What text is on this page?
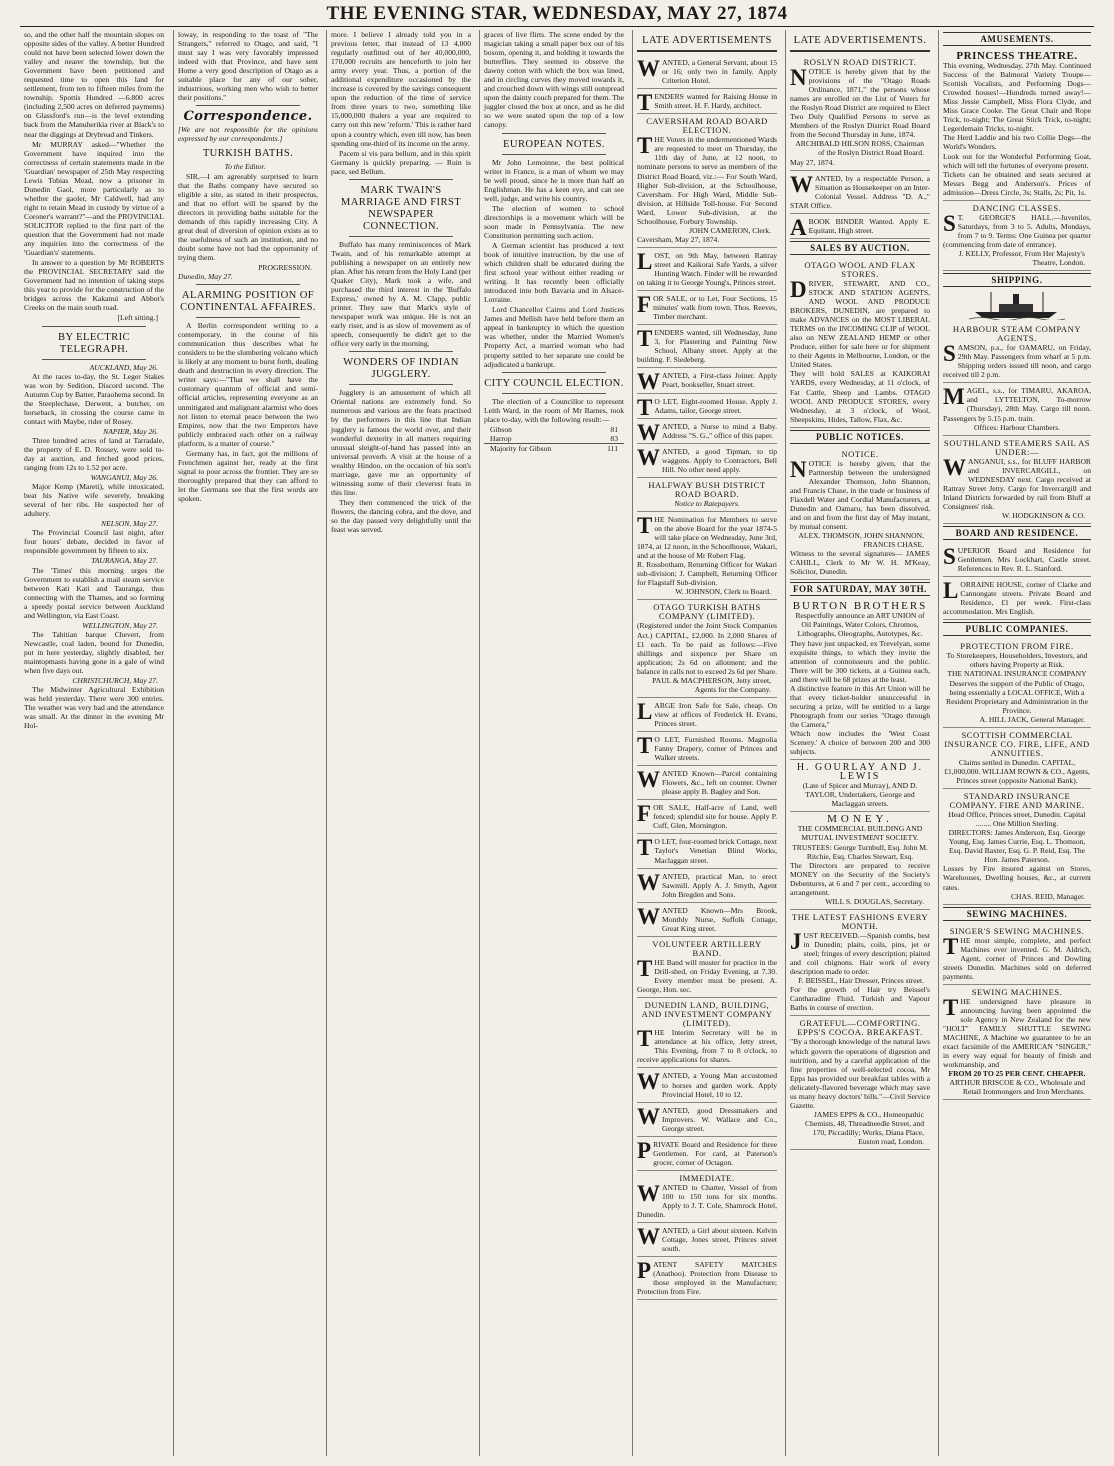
THE EVENING STAR, WEDNESDAY, MAY 27, 1874

so, and the other half the mountain slopes on opposite sides of the valley. A better Hundred could not have been selected lower down the valley and nearer the township, but the Government have been petitioned and requested time to open this land for settlement, from ten to fifteen miles from the township. Spottis Hundred —6.800 acres (including 2,500 acres on deferred payments) on Glassford's run—is the level extending back from the Manuherikia river at Black's to near the diggings at Drybread and Tinkers.

Mr MURRAY asked—"Whether the Government have inquired into the correctness of certain statements made in the 'Guardian' newspaper of 25th May respecting Lewis Tobias Mead, now a prisoner in Dunedin Gaol, more particularly as to whether the gaoler, Mr Caldwell, had any right to retain Mead in custody by virtue of a Coroner's warrant?"—and the PROVINCIAL SOLICITOR replied to the first part of the question that the Government had not made any inquiries into the correctness of the 'Guardian's' statements.

In answer to a question by Mr ROBERTS the PROVINCIAL SECRETARY said the Government had no intention of taking steps this year to provide for the construction of the bridges across the Kakanui and Abbot's Creeks on the main south road.

[Left sitting.]
BY ELECTRIC TELEGRAPH.
AUCKLAND, May 26.

At the races to-day, the St. Leger Stakes was won by Sedition, Discord second. The Autumn Cup by Batter, Paraohema second. In the Steeplechase, Derwent, a butcher, on horseback, in crossing the course came in contact with Maybe, rider of Rosey.

NAPIER, May 26.

Three hundred acres of land at Tarradale, the property of E. D. Rossey, were sold to-day at auction, and fetched good prices, ranging from 12s to 1.52 per acre.

WANGANUI, May 26.

Major Kemp (Mareti), while intoxicated, beat his Native wife severely, breaking several of her ribs. He suspected her of adultery.

NELSON, May 27.

The Provincial Council last night, after four hours' debate, decided in favor of responsible government by fifteen to six.

TAURANGA, May 27.

The 'Times' this morning urges the Government to establish a mail steam service between Kati Kati and Tauranga, thus connecting with the Thames, and so forming a speedy postal service between Auckland and Wellington, via East Coast.

WELLINGTON, May 27.

The Tahitian barque Chevert, from Newcastle, coal laden, bound for Dunedin, put in here yesterday, slightly disabled, her maintopmasts having gone in a gale of wind when five days out.

CHRISTCHURCH, May 27.

The Midwinter Agricultural Exhibition was held yesterday. There were 300 entries. The weather was very bad and the attendance was small. At the dinner in the evening Mr Hol-

loway, in responding to the toast of "The Strangers," referred to Otago, and said, "I must say I was very favorably impressed indeed with that Province, and have sent Home a very good description of Otago as a suitable place for any of our sober, industrious, working men who wish to better their positions."

Correspondence.

[We are not responsible for the opinions expressed by our correspondents.]

TURKISH BATHS.
To the Editor.

SIR,—I am agreeably surprised to learn that the Baths company have secured so eligible a site, as stated in their prospectus, and that no effort will be spared by the directors in providing baths suitable for the demands of this rapidly increasing City. A great deal of diversion of opinion exists as to the usefulness of such an institution, and no doubt some have not had the opportunity of trying them.

PROGRESSION.
Dunedin, May 27.
ALARMING POSITION OF CONTINENTAL AFFAIRES.

A Berlin correspondent writing to a contemporary, in the course of his communication thus describes what he considers to be the slumbering volcano which is likely at any moment to burst forth, dealing death and destruction in every direction. The writer says:—"That we shall have the customary quantum of official and semi-official articles, representing everyone as an unmitigated and malignant alarmist who does not listen to eternal peace between the two Empires, now that the two Emperors have publicly embraced each other on a railway platform, is a matter of course."

Germany has, in fact, got the millions of Frenchmen against her, ready at the first signal to pour across the frontier. They are so thoroughly prepared that they can afford to let the Germans see that the first words are spoken.

more. I believe I already told you in a previous letter, that instead of 13 4,000 regularly outfitted out of her 40,000,000, 170,000 recruits are henceforth to join her army every year. Thus, a portion of the additional expenditure occasioned by the increase is covered by the savings consequent upon the reduction of the time of service from three years to two, something like 15,000,000 thalers a year are required to carry out this new 'reform.' This is rather hard upon a country which, even till now, has been spending one-third of its income on the army.

Pacem si vis para bellum, and in this spirit Germany is quickly preparing. — Ruin is pace, sed Bellum.

MARK TWAIN'S MARRIAGE AND FIRST NEWSPAPER CONNECTION.

Buffalo has many reminiscences of Mark Twain, and of his remarkable attempt at publishing a newspaper on an entirely new plan. After his return from the Holy Land (per Quaker City), Mark took a wife, and purchased the third interest in the 'Buffalo Express,' owned by A. M. Clapp, public printer. They saw that Mark's style of newspaper work was unique. He is not an early riser, and is as slow of movement as of speech, consequently he didn't get to the office very early in the morning.

WONDERS OF INDIAN JUGGLERY.

Jugglery is an amusement of which all Oriental nations are extremely fond. So numerous and various are the feats practised by the performers in this line that Indian jugglery is famous the world over, and their wonderful dexterity in all matters requiring unusual sleight-of-hand has passed into an universal proverb. A visit at the house of a wealthy Hindoo, on the occasion of his son's marriage, gave me an opportunity of witnessing some of their cleverest feats in this line.

They then commenced the trick of the flowers, the dancing cobra, and the dove, and so the day passed very delightfully until the feast was served.

graces of live flirts. The scene ended by the magician taking a small paper box out of his bosom, opening it, and holding it towards the butterflies. They seemed to observe the dawny cotton with which the box was lined, and in circling curves they moved towards it, and crouched down with wings still outspread upon the dainty couch prepared for them. The juggler closed the box at once, and as he did so we were seated upon the top of a low canopy.

EUROPEAN NOTES.

Mr John Lemoinne, the best political writer in France, is a man of whom we may be well proud, since he is more than half an Englishman. He has a keen eye, and can see well, judge, and write his country.

The election of women to school directorships is a movement which will be soon made in Pennsylvania. The new Constitution permitting such action.

A German scientist has produced a text book of intuitive instruction, by the use of which children shall be educated during the first school year without either reading or writing. It has recently been officially introduced into both Bavaria and in Alsace-Lorraine.

Lord Chancellor Cairns and Lord Justices James and Mellish have held before them an appeal in bankruptcy in which the question was whether, under the Married Women's Property Act, a married woman who had property settled to her separate use could be adjudicated a bankrupt.

CITY COUNCIL ELECTION.

The election of a Councillor to represent Leith Ward, in the room of Mr Barnes, took place to-day, with the following result:—

Gibson	81
Harrop	83
Majority for Gibson	111
LATE ADVERTISEMENTS
WANTED, a General Servant, about 15 or 16; only two in family. Apply Criterion Hotel.
TENDERS wanted for Raising House in Smith street. H. F. Hardy, architect.
CAVERSHAM ROAD BOARD ELECTION.
T HE Voters in the undermentioned Wards are requested to meet on Thursday, the 11th day of June, at 12 noon, to nominate persons to serve as members of the District Road Board, viz.:— For South Ward, Higher Sub-division, at the Schoolhouse, Caversham. For High Ward, Middle Sub-division, at Hillside Toll-house. For Second Ward, Lower Sub-division, at the Schoolhouse, Forbury Township.
JOHN CAMERON, Clerk.
Caversham, May 27, 1874.
LOST, on 9th May, between Rattray street and Kaikorai Safe Yards, a silver Hunting Watch. Finder will be rewarded on taking it to George Young's, Princes street.
FOR SALE, or to Let, Four Sections, 15 minutes' walk from town. Thos. Reeves, Timber merchant.
TENDERS wanted, till Wednesday, June 3, for Plastering and Painting New School, Albany street. Apply at the building. F. Siedeberg.
WANTED, a First-class Joiner. Apply Peart, bookseller, Stuart street.
T O LET, Eight-roomed House. Apply J. Adams, tailor, George street.
WANTED, a Nurse to mind a Baby. Address "S. G.," office of this paper.
WANTED, a good Tipman, to tip waggons. Apply to Contractors, Bell Hill. No other need apply.
HALFWAY BUSH DISTRICT ROAD BOARD.
Notice to Ratepayers.
THE Nomination for Members to serve on the above Board for the year 1874-5 will take place on Wednesday, June 3rd, 1874, at 12 noon, in the Schoolhouse, Wakari, and at the house of Mr Robert Flag.
R. Rossbotham, Returning Officer for Wakari sub-division; J. Campbell, Returning Officer for Flagstaff Sub-division.
W. JOHNSON, Clerk to Board.
OTAGO TURKISH BATHS COMPANY (LIMITED).
(Registered under the Joint Stock Companies Act.) CAPITAL, £2,000. In 2,000 Shares of £1 each. To be paid as follows:—Five shillings and sixpence per Share on application; 2s 6d on allotment; and the balance in calls not to exceed 2s 6d per Share.
PAUL & MACPHERSON, Jetty street, Agents for the Company.
LARGE Iron Safe for Sale, cheap. On view at offices of Frederick H. Evans, Princes street.
T O LET, Furnished Rooms. Magnolia Fanny Drapery, corner of Princes and Walker streets.
WANTED Known—Parcel containing Flowers, &c., left on counter. Owner please apply B. Bagley and Son.
FOR SALE, Half-acre of Land, well fenced; splendid site for house. Apply P. Cuff, Glen, Mornington.
T O LET, four-roomed brick Cottage, next Taylor's Venetian Blind Works, Maclaggan street.
WANTED, practical Man, to erect Sawmill. Apply A. J. Smyth, Agent John Bregden and Sons.
WANTED Known—Mrs Brook, Monthly Nurse, Suffolk Cottage, Great King street.
VOLUNTEER ARTILLERY BAND.
T HE Band will muster for practice in the Drill-shed, on Friday Evening, at 7.30. Every member must be present. A. George, Hon. sec.
DUNEDIN LAND, BUILDING, AND INVESTMENT COMPANY (LIMITED).
T HE Interim Secretary will be in attendance at his office, Jetty street, This Evening, from 7 to 8 o'clock, to receive applications for shares.
WANTED, a Young Man accustomed to horses and garden work. Apply Provincial Hotel, 10 to 12.
WANTED, good Dressmakers and Improvers. W. Wallace and Co., George street.
PRIVATE Board and Residence for three Gentlemen. For card, at Paterson's grocer, corner of Octagon.
IMMEDIATE.
W ANTED to Charter, Vessel of from 100 to 150 tons for six months. Apply to J. T. Cole, Shamrock Hotel, Dunedin.
WANTED, a Girl about sixteen. Kelvin Cottage, Jones street, Princes street south.
PATENT SAFETY MATCHES (Anathoo). Protection from Disease to those employed in the Manufacture; Protection from Fire.
LATE ADVERTISEMENTS.
ROSLYN ROAD DISTRICT.
N OTICE is hereby given that by the provisions of the "Otago Roads Ordinance, 1871," the persons whose names are enrolled on the List of Voters for the Roslyn Road District are required to Elect Two Duly Qualified Persons to serve as Members of the Roslyn District Road Board from the Second Thursday in June, 1874.
ARCHIBALD HILSON ROSS, Chairman of the Roslyn District Road Board.
May 27, 1874.
WANTED, by a respectable Person, a Situation as Housekeeper on an Inter-Colonial Vessel. Address "D. A.," STAR Office.
ABOOK BINDER Wanted. Apply E. Equitant, High street.
SALES BY AUCTION.
OTAGO WOOL AND FLAX STORES.
D RIVER, STEWART, AND CO., STOCK AND STATION AGENTS, AND WOOL AND PRODUCE BROKERS, DUNEDIN, are prepared to make ADVANCES on the MOST LIBERAL TERMS on the INCOMING CLIP of WOOL also on NEW ZEALAND HEMP or other Produce, either for sale here or for shipment to their Agents in Melbourne, London, or the United States.
They will hold SALES at KAIKORAI YARDS, every Wednesday, at 11 o'clock, of Fat Cattle, Sheep and Lambs. OTAGO WOOL AND PRODUCE STORES, every Wednesday, at 3 o'clock, of Wool, Sheepskins, Hides, Tallow, Flax, &c.
PUBLIC NOTICES.
NOTICE.
N OTICE is hereby given, that the Partnership between the undersigned Alexander Thomson, John Shannon, and Francis Chase, in the trade or business of Flaxdell Water and Cordial Manufacturers, at Dunedin and Oamaru, has been dissolved, and on and from the first day of May instant, by mutual consent.
ALEX. THOMSON, JOHN SHANNON, FRANCIS CHASE.
Witness to the several signatures— JAMES CAHILL, Clerk to Mr W. H. M'Keay, Solicitor, Dunedin.
FOR SATURDAY, MAY 30TH.
BURTON BROTHERS
Respectfully announce an ART UNION of Oil Paintings, Water Colors, Chromos, Lithographs, Oleographs, Autotypes, &c.
They have just unpacked, ex Trevelyan, some exquisite things, to which they invite the attention of connoisseurs and the public. There will be 300 tickets, at a Guinea each, and there will be 68 prizes at the least.
A distinctive feature in this Art Union will be that every ticket-holder unsuccessful in securing a prize, will be entitled to a large Photograph from our series "Otago through the Camera,"
Which now includes the 'West Coast Scenery.' A choice of between 200 and 300 subjects.
H. GOURLAY AND J. LEWIS
(Late of Spicer and Murray), AND D. TAYLOR, Undertakers, George and Maclaggan streets.
MONEY.
THE COMMERCIAL BUILDING AND MUTUAL INVESTMENT SOCIETY. TRUSTEES: George Turnbull, Esq. John M. Ritchie, Esq. Charles Stewart, Esq.
The Directors are prepared to receive MONEY on the Security of the Society's Debentures, at 6 and 7 per cent., according to arrangement.
WILL S. DOUGLAS, Secretary.
THE LATEST FASHIONS EVERY MONTH.
J UST RECEIVED.—Spanish combs, best in Dunedin; plaits, coils, pins, jet or steel; fringes of every description; plaited and coil chignons. Hair work of every description made to order.
F. BEISSEL, Hair Dresser, Princes street.
For the growth of Hair try Beissel's Cantharadine Fluid. Turkish and Vapour Baths in course of erection.
GRATEFUL—COMFORTING. EPPS'S COCOA. BREAKFAST.
"By a thorough knowledge of the natural laws which govern the operations of digestion and nutrition, and by a careful application of the fine properties of well-selected cocoa, Mr Epps has provided our breakfast tables with a delicately-flavored beverage which may save us many heavy doctors' bills."—Civil Service Gazette.
JAMES EPPS & CO., Homeopathic Chemists, 48, Threadneedle Street, and 170, Piccadilly; Works, Diana Place, Euston road, London.
AMUSEMENTS.
PRINCESS THEATRE.
This evening, Wednesday, 27th May. Continued Success of the Balmoral Variety Troupe—Scottish Vocalists, and Performing Dogs—Crowded houses!—Hundreds turned away!—Miss Jessie Campbell, Miss Flora Clyde, and Miss Grace Cooke. The Great Chair and Rope Trick, to-night; The Great Stick Trick, to-night; Legerdemain Tricks, to-night.
The Herd Laddie and his two Collie Dogs—the World's Wonders.
Look out for the Wonderful Performing Goat, which will tell the fortunes of everyone present.
Tickets can be obtained and seats secured at Messrs Begg and Anderson's. Prices of admission—Dress Circle, 3s; Stalls, 2s; Pit, 1s.
DANCING CLASSES.
S T. GEORGE'S HALL.—Juveniles, Saturdays, from 3 to 5. Adults, Mondays, from 7 to 9. Terms: One Guinea per quarter (commencing from date of entrance).
J. KELLY, Professor, From Her Majesty's Theatre, London.
SHIPPING.
HARBOUR STEAM COMPANY AGENTS.
S AMSON, p.s., for OAMARU, on Friday, 29th May. Passengers from wharf at 5 p.m. Shipping orders issued till noon, and cargo received till 2 p.m.
MAGEL, s.s., for TIMARU, AKAROA, and LYTTELTON, To-morrow (Thursday), 28th May. Cargo till noon. Passengers by 5.15 p.m. train.
Offices: Harbour Chambers.
SOUTHLAND STEAMERS SAIL AS UNDER:—
W ANGANUI, s.s., for BLUFF HARBOR and INVERCARGILL, on WEDNESDAY next. Cargo received at Rattray Street Jetty. Cargo for Invercargill and Inland Districts forwarded by rail from Bluff at Consignees' risk.
W. HODGKINSON & CO.
BOARD AND RESIDENCE.
SUPERIOR Board and Residence for Gentlemen. Mrs Lockhart, Castle street. References to Rev. R. L. Stanford.
LORRAINE HOUSE, corner of Clarke and Cannongate streets. Private Board and Residence, £1 per week. First-class accommodation. Mrs English.
PUBLIC COMPANIES.
PROTECTION FROM FIRE.
To Storekeepers, Householders, Investors, and others having Property at Risk.
THE NATIONAL INSURANCE COMPANY Deserves the support of the Public of Otago, being essentially a LOCAL OFFICE, With a Resident Proprietary and Administration in the Province.
A. HILL JACK, General Manager.
SCOTTISH COMMERCIAL INSURANCE CO. FIRE, LIFE, AND ANNUITIES.
Claims settled in Dunedin. CAPITAL, £1,000,000. WILLIAM ROWN & CO., Agents, Princes street (opposite National Bank).
STANDARD INSURANCE COMPANY. FIRE AND MARINE.
Head Office, Princes street, Dunedin. Capital ........ One Million Sterling.
DIRECTORS: James Anderson, Esq. George Young, Esq. James Currie, Esq. L. Thomson, Esq. David Baxter, Esq. G. P. Reid, Esq. The Hon. James Paterson.
Losses by Fire insured against on Stores, Warehouses, Dwelling houses, &c., at current rates.
CHAS. REID, Manager.
SEWING MACHINES.
SINGER'S SEWING MACHINES.
T HE most simple, complete, and perfect Machines ever invented. G. M. Aldrich, Agent, corner of Princes and Dowling streets Dunedin. Machines sold on deferred payments.
SEWING MACHINES.
T HE undersigned have pleasure in announcing having been appointed the sole Agency in New Zealand for the new "HOLT" FAMILY SHUTTLE SEWING MACHINE, A Machine we guarantee to be an exact facsimile of the AMERICAN "SINGER," in every way equal for beauty of finish and workmanship, and
FROM 20 TO 25 PER CENT. CHEAPER.
ARTHUR BRISCOE & CO., Wholesale and Retail Ironmongers and Iron Merchants.
